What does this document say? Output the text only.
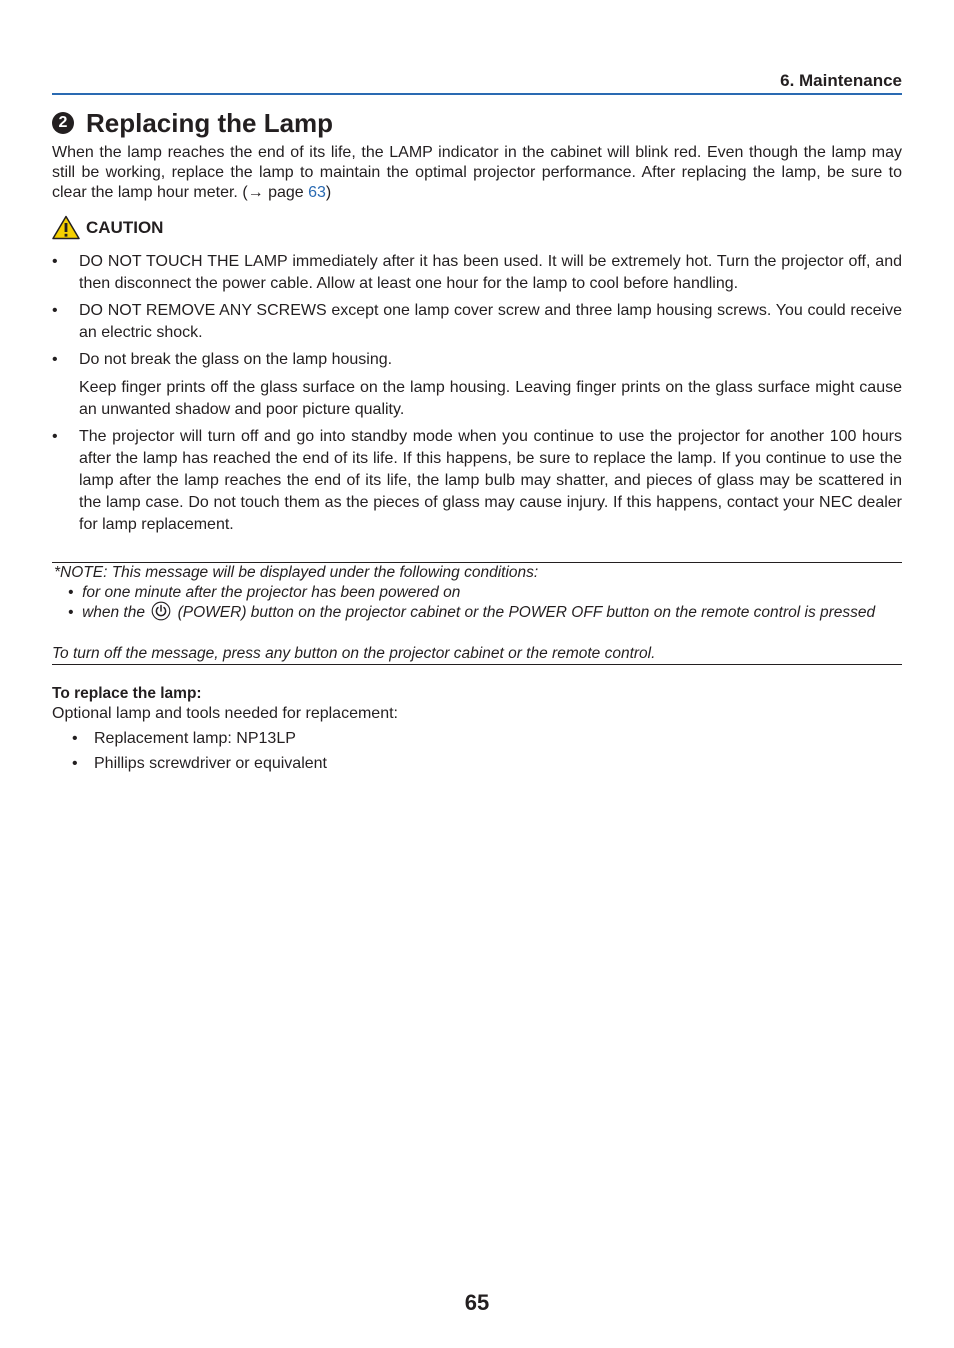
6. Maintenance
2 Replacing the Lamp

When the lamp reaches the end of its life, the LAMP indicator in the cabinet will blink red. Even though the lamp may still be working, replace the lamp to maintain the optimal projector performance. After replacing the lamp, be sure to clear the lamp hour meter. (→ page 63)

CAUTION
• DO NOT TOUCH THE LAMP immediately after it has been used. It will be extremely hot. Turn the projector off, and then disconnect the power cable. Allow at least one hour for the lamp to cool before handling.

• DO NOT REMOVE ANY SCREWS except one lamp cover screw and three lamp housing screws. You could receive an electric shock.

• Do not break the glass on the lamp housing.

Keep finger prints off the glass surface on the lamp housing. Leaving finger prints on the glass surface might cause an unwanted shadow and poor picture quality.

• The projector will turn off and go into standby mode when you continue to use the projector for another 100 hours after the lamp has reached the end of its life. If this happens, be sure to replace the lamp. If you continue to use the lamp after the lamp reaches the end of its life, the lamp bulb may shatter, and pieces of glass may be scattered in the lamp case. Do not touch them as the pieces of glass may cause injury. If this happens, contact your NEC dealer for lamp replacement.

*NOTE: This message will be displayed under the following conditions:
• for one minute after the projector has been powered on
• when the (POWER) button on the projector cabinet or the POWER OFF button on the remote control is pressed
To turn off the message, press any button on the projector cabinet or the remote control.
To replace the lamp:
Optional lamp and tools needed for replacement:
• Replacement lamp: NP13LP
• Phillips screwdriver or equivalent
65
